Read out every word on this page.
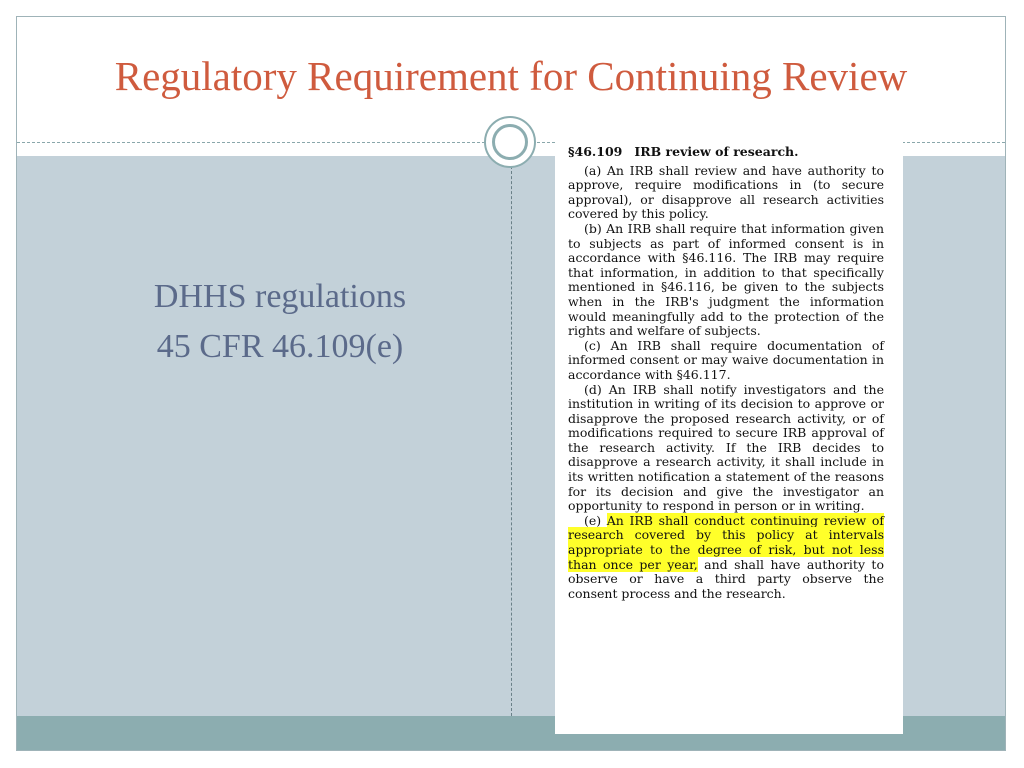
Regulatory Requirement for Continuing Review
DHHS regulations
45 CFR 46.109(e)
§46.109 IRB review of research.
(a) An IRB shall review and have authority to approve, require modifications in (to secure approval), or disapprove all research activities covered by this policy.
(b) An IRB shall require that information given to subjects as part of informed consent is in accordance with §46.116. The IRB may require that information, in addition to that specifically mentioned in §46.116, be given to the subjects when in the IRB's judgment the information would meaningfully add to the protection of the rights and welfare of subjects.
(c) An IRB shall require documentation of informed consent or may waive documentation in accordance with §46.117.
(d) An IRB shall notify investigators and the institution in writing of its decision to approve or disapprove the proposed research activity, or of modifications required to secure IRB approval of the research activity. If the IRB decides to disapprove a research activity, it shall include in its written notification a statement of the reasons for its decision and give the investigator an opportunity to respond in person or in writing.
(e) An IRB shall conduct continuing review of research covered by this policy at intervals appropriate to the degree of risk, but not less than once per year, and shall have authority to observe or have a third party observe the consent process and the research.
